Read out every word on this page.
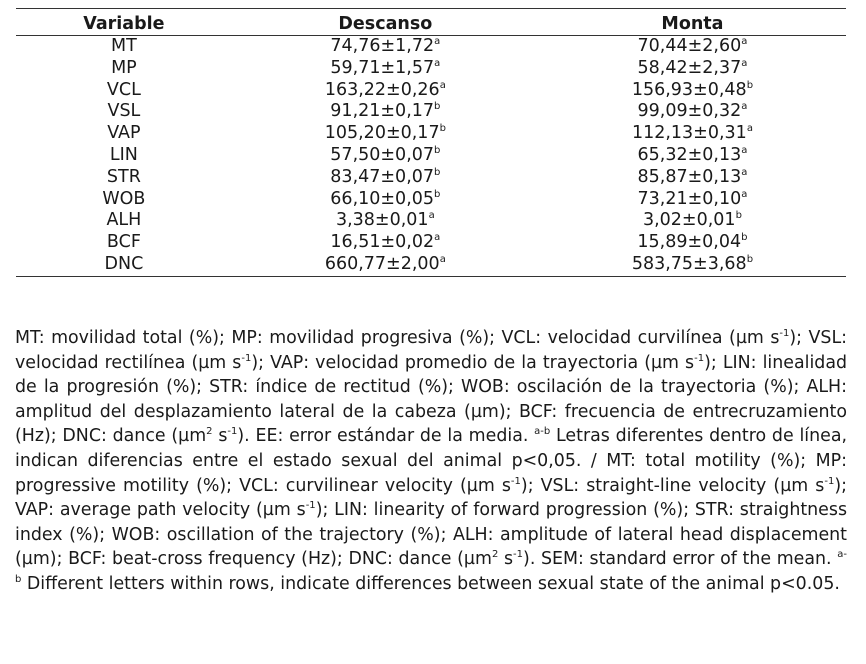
Variable	Descanso	Monta
MT	74,76±1,72$^a$	70,44±2,60$^a$
MP	59,71±1,57$^a$	58,42±2,37$^a$
VCL	163,22±0,26$^a$	156,93±0,48$^b$
VSL	91,21±0,17$^b$	99,09±0,32$^a$
VAP	105,20±0,17$^b$	112,13±0,31$^a$
LIN	57,50±0,07$^b$	65,32±0,13$^a$
STR	83,47±0,07$^b$	85,87±0,13$^a$
WOB	66,10±0,05$^b$	73,21±0,10$^a$
ALH	3,38±0,01$^a$	3,02±0,01$^b$
BCF	16,51±0,02$^a$	15,89±0,04$^b$
DNC	660,77±2,00$^a$	583,75±3,68$^b$

MT: movilidad total (%); MP: movilidad progresiva (%); VCL: velocidad curvilínea (µm $s^{-1}$); VSL: velocidad rectilínea (µm $s^{-1}$); VAP: velocidad promedio de la trayectoria (µm $s^{-1}$); LIN: linealidad de la progresión (%); STR: índice de rectitud (%); WOB: oscilación de la trayectoria (%); ALH: amplitud del desplazamiento lateral de la cabeza (µm); BCF: frecuencia de entrecruzamiento (Hz); DNC: dance (µm$^2$ $s^{-1}$). EE: error estándar de la media. $^{a-b}$ Letras diferentes dentro de línea, indican diferencias entre el estado sexual del animal p<0,05. / MT: total motility (%); MP: progressive motility (%); VCL: curvilinear velocity (µm $s^{-1}$); VSL: straight-line velocity (µm $s^{-1}$); VAP: average path velocity (µm $s^{-1}$); LIN: linearity of forward progression (%); STR: straightness index (%); WOB: oscillation of the trajectory (%); ALH: amplitude of lateral head displacement (µm); BCF: beat-cross frequency (Hz); DNC: dance (µm$^2$ $s^{-1}$). SEM: standard error of the mean. $^{a-b}$ Different letters within rows, indicate differences between sexual state of the animal p<0.05.
